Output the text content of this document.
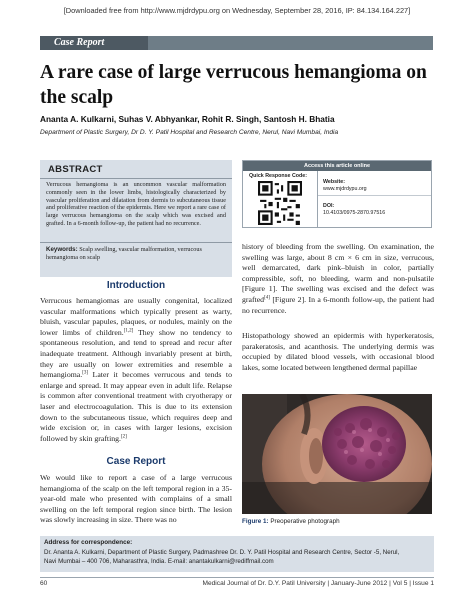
[Downloaded free from http://www.mjdrdypu.org on Wednesday, September 28, 2016, IP: 84.134.164.227]
Case Report
A rare case of large verrucous hemangioma on
the scalp
Ananta A. Kulkarni, Suhas V. Abhyankar, Rohit R. Singh, Santosh H. Bhatia
Department of Plastic Surgery, Dr D. Y. Patil Hospital and Research Centre, Nerul, Navi Mumbai, India
ABSTRACT
Verrucous hemangioma is an uncommon vascular malformation commonly seen in the lower limbs, histologically characterized by vascular proliferation and dilatation from dermis to subcutaneous tissue and proliferative reaction of the epidermis. Here we report a rare case of large verrucous hemangioma on the scalp which was excised and grafted. In a 6-month follow-up, the patient had no recurrence.
Keywords: Scalp swelling, vascular malformation, verrucous hemangioma on scalp
Access this article online
Quick Response Code:
Website:
www.mjdrdypu.org
DOI:
10.4103/0975-2870.97516
Introduction
Verrucous hemangiomas are usually congenital, localized vascular malformations which typically present as warty, bluish, vascular papules, plaques, or nodules, mainly on the lower limbs of children.[1,2] They show no tendency to spontaneous resolution, and tend to spread and recur after inadequate treatment. Although invariably present at birth, they are usually on lower extremities and resemble a hemangioma.[3] Later it becomes verrucous and tends to enlarge and spread. It may appear even in adult life. Relapse is common after conventional treatment with cryotherapy or laser and electrocoagulation. This is due to its extension down to the subcutaneous tissue, which requires deep and wide excision or, in cases with larger lesions, excision followed by skin grafting.[2]
Case Report
We would like to report a case of a large verrucous hemangioma of the scalp on the left temporal region in a 35-year-old male who presented with complains of a small swelling on the left temporal region since birth. The lesion was slowly increasing in size. There was no
history of bleeding from the swelling. On examination, the swelling was large, about 8 cm × 6 cm in size, verrucous, well demarcated, dark pink–bluish in color, partially compressible, soft, no bleeding, warm and non-pulsatile [Figure 1]. The swelling was excised and the defect was grafted[4] [Figure 2]. In a 6-month follow-up, the patient had no recurrence.
Histopathology showed an epidermis with hyperkeratosis, parakeratosis, and acanthosis. The underlying dermis was occupied by dilated blood vessels, with occasional blood lakes, some located between lengthened dermal papillae
Figure 1: Preoperative photograph
Address for correspondence:
Dr. Ananta A. Kulkarni, Department of Plastic Surgery, Padmashree Dr. D. Y. Patil Hospital and Research Centre, Sector -5, Nerul,
Navi Mumbai – 400 706, Maharasthra, India. E-mail: anantakulkarni@rediffmail.com
60	Medical Journal of Dr. D.Y. Patil University | January-June 2012 | Vol 5 | Issue 1
